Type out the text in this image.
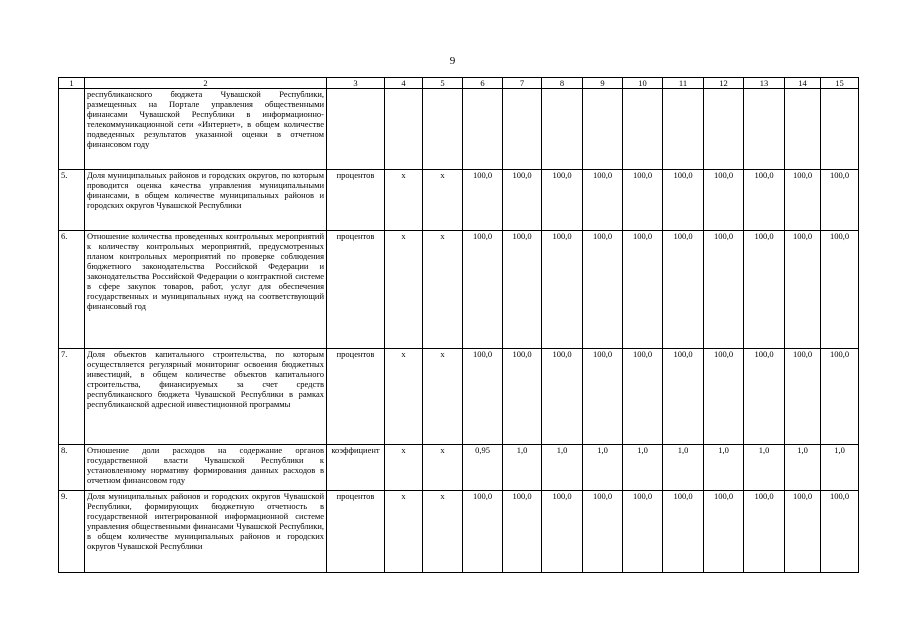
9
1	2	3	4	5	6	7	8	9	10	11	12	13	14	15
	республиканского бюджета Чувашской Республики, размещенных на Портале управления общественными финансами Чувашской Республики в информационно-телекоммуникационной сети «Интернет», в общем количестве подведенных результатов указанной оценки в отчетном финансовом году													
5.	Доля муниципальных районов и городских округов, по которым проводится оценка качества управления муниципальными финансами, в общем количестве муниципальных районов и городских округов Чувашской Республики	процентов	x	x	100,0	100,0	100,0	100,0	100,0	100,0	100,0	100,0	100,0	100,0
6.	Отношение количества проведенных контрольных мероприятий к количеству контрольных мероприятий, предусмотренных планом контрольных мероприятий по проверке соблюдения бюджетного законодательства Российской Федерации и законодательства Российской Федерации о контрактной системе в сфере закупок товаров, работ, услуг для обеспечения государственных и муниципальных нужд на соответствующий финансовый год	процентов	x	x	100,0	100,0	100,0	100,0	100,0	100,0	100,0	100,0	100,0	100,0
7.	Доля объектов капитального строительства, по которым осуществляется регулярный мониторинг освоения бюджетных инвестиций, в общем количестве объектов капитального строительства, финансируемых за счет средств республиканского бюджета Чувашской Республики в рамках республиканской адресной инвестиционной программы	процентов	x	x	100,0	100,0	100,0	100,0	100,0	100,0	100,0	100,0	100,0	100,0
8.	Отношение доли расходов на содержание органов государственной власти Чувашской Республики к установленному нормативу формирования данных расходов в отчетном финансовом году	коэффициент	x	x	0,95	1,0	1,0	1,0	1,0	1,0	1,0	1,0	1,0	1,0
9.	Доля муниципальных районов и городских округов Чувашской Республики, формирующих бюджетную отчетность в государственной интегрированной информационной системе управления общественными финансами Чувашской Республики, в общем количестве муниципальных районов и городских округов Чувашской Республики	процентов	x	x	100,0	100,0	100,0	100,0	100,0	100,0	100,0	100,0	100,0	100,0
